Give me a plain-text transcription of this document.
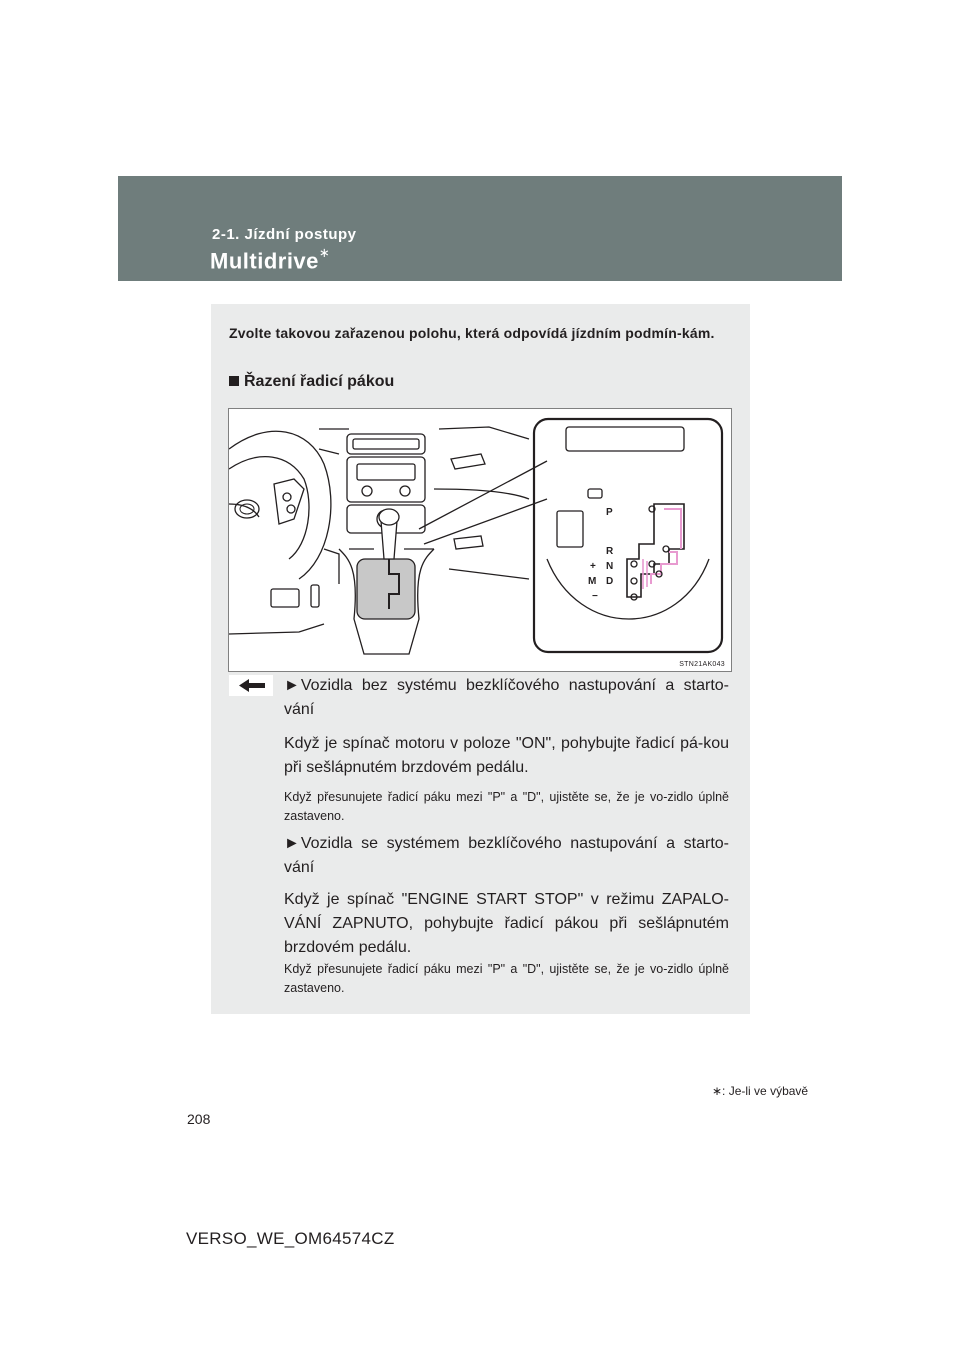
2-1. Jízdní postupy
Multidrive∗
Zvolte takovou zařazenou polohu, která odpovídá jízdním podmín-kám.
Řazení řadicí pákou
P
R
N
D
M
+
−
STN21AK043
►Vozidla bez systému bezklíčového nastupování a starto-vání
Když je spínač motoru v poloze "ON", pohybujte řadicí pá-kou při sešlápnutém brzdovém pedálu.
Když přesunujete řadicí páku mezi "P" a "D", ujistěte se, že je vo-zidlo úplně zastaveno.
►Vozidla se systémem bezklíčového nastupování a starto-vání
Když je spínač "ENGINE START STOP" v režimu ZAPALO-VÁNÍ ZAPNUTO, pohybujte řadicí pákou při sešlápnutém brzdovém pedálu.
Když přesunujete řadicí páku mezi "P" a "D", ujistěte se, že je vo-zidlo úplně zastaveno.
∗: Je-li ve výbavě
208
VERSO_WE_OM64574CZ
